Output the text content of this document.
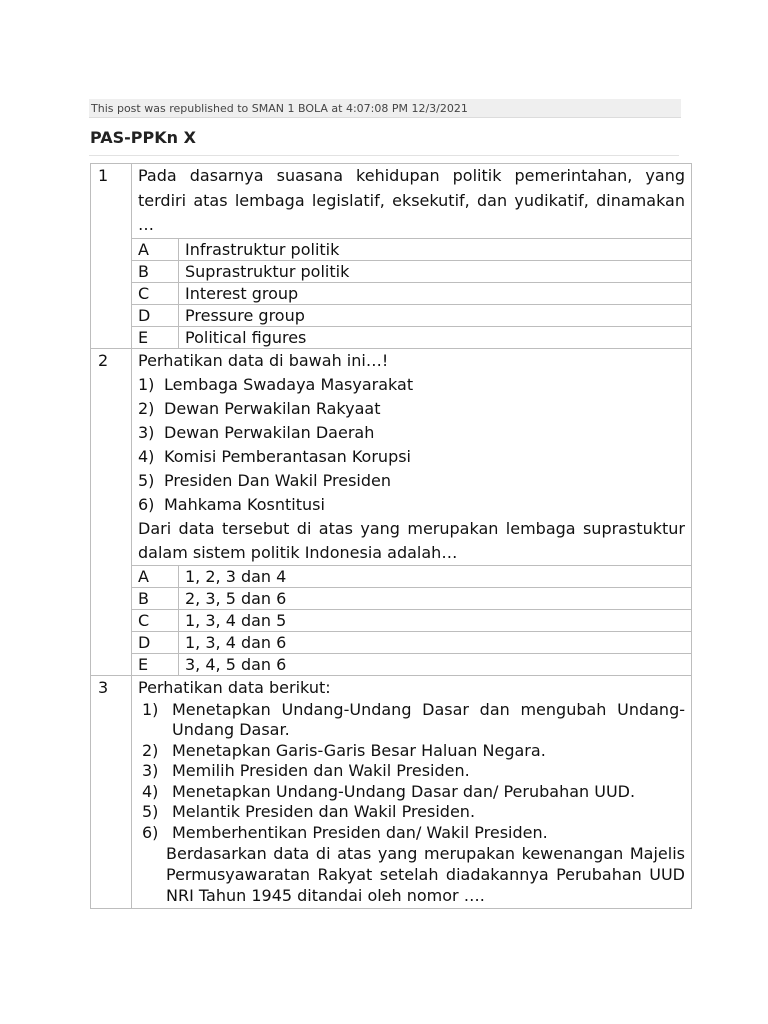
This post was republished to SMAN 1 BOLA at 4:07:08 PM 12/3/2021
PAS-PPKn X
1	Pada dasarnya suasana kehidupan politik pemerintahan, yang terdiri atas lembaga legislatif, eksekutif, dan yudikatif, dinamakan …
A	Infrastruktur politik
B	Suprastruktur politik
C	Interest group
D	Pressure group
E	Political figures

2	Perhatikan data di bawah ini…!
1) Lembaga Swadaya Masyarakat
2) Dewan Perwakilan Rakyaat
3) Dewan Perwakilan Daerah
4) Komisi Pemberantasan Korupsi
5) Presiden Dan Wakil Presiden
6) Mahkama Kosntitusi
Dari data tersebut di atas yang merupakan lembaga suprastuktur dalam sistem politik Indonesia adalah…
A	1, 2, 3 dan 4
B	2, 3, 5 dan 6
C	1, 3, 4 dan 5
D	1, 3, 4 dan 6
E	3, 4, 5 dan 6

3	Perhatikan data berikut:
1) Menetapkan Undang-Undang Dasar dan mengubah Undang-Undang Dasar.
2) Menetapkan Garis-Garis Besar Haluan Negara.
3) Memilih Presiden dan Wakil Presiden.
4) Menetapkan Undang-Undang Dasar dan/ Perubahan UUD.
5) Melantik Presiden dan Wakil Presiden.
6) Memberhentikan Presiden dan/ Wakil Presiden.
Berdasarkan data di atas yang merupakan kewenangan Majelis Permusyawaratan Rakyat setelah diadakannya Perubahan UUD NRI Tahun 1945 ditandai oleh nomor ….
